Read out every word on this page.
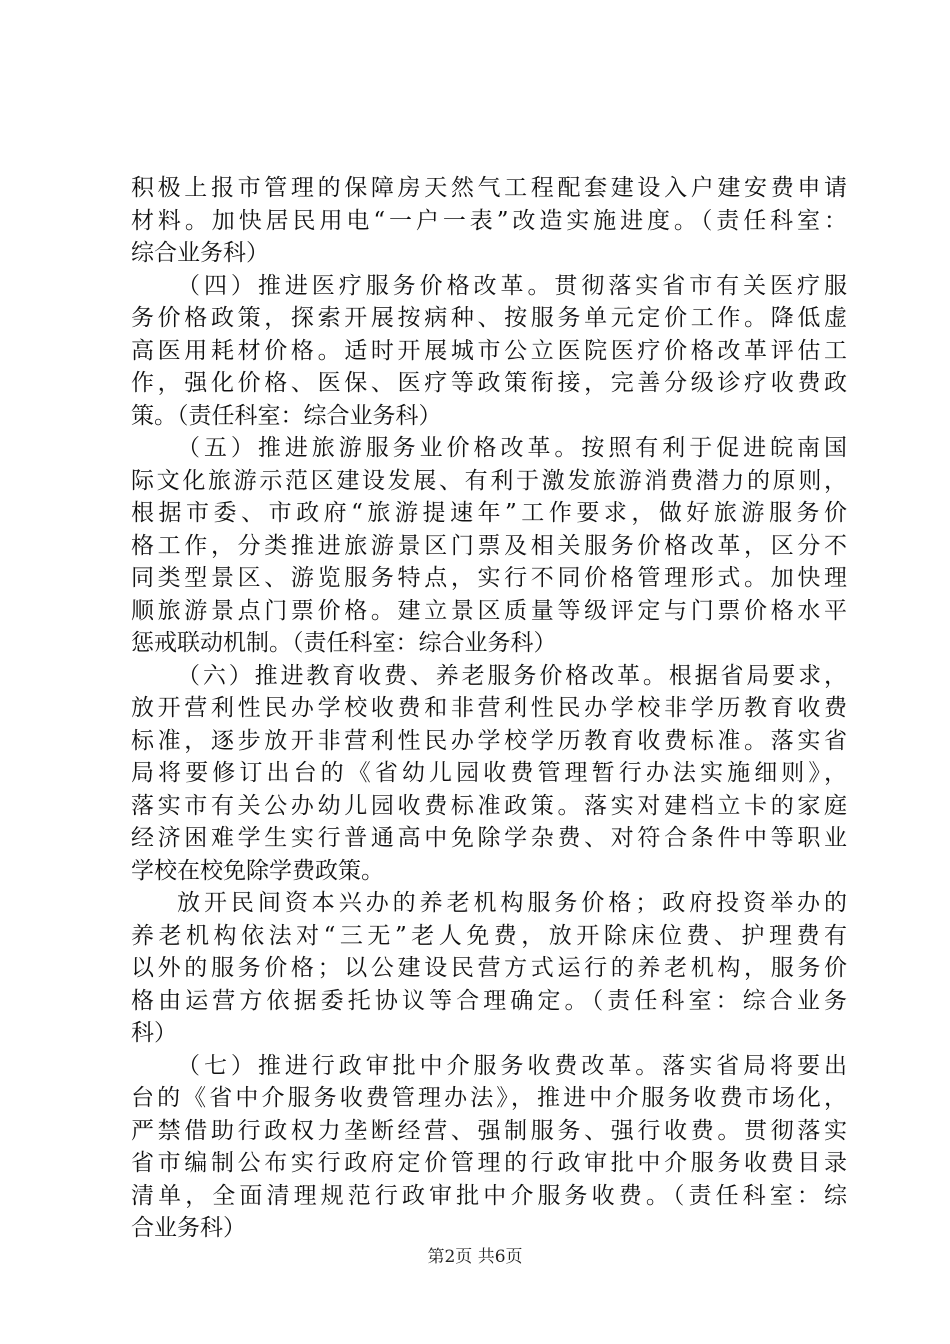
积极上报市管理的保障房天然气工程配套建设入户建安费申请
材料。加快居民用电“一户一表”改造实施进度。（责任科室：
综合业务科）
（四）推进医疗服务价格改革。贯彻落实省市有关医疗服
务价格政策，探索开展按病种、按服务单元定价工作。降低虚
高医用耗材价格。适时开展城市公立医院医疗价格改革评估工
作，强化价格、医保、医疗等政策衔接，完善分级诊疗收费政
策。（责任科室：综合业务科）
（五）推进旅游服务业价格改革。按照有利于促进皖南国
际文化旅游示范区建设发展、有利于激发旅游消费潜力的原则，
根据市委、市政府“旅游提速年”工作要求，做好旅游服务价
格工作，分类推进旅游景区门票及相关服务价格改革，区分不
同类型景区、游览服务特点，实行不同价格管理形式。加快理
顺旅游景点门票价格。建立景区质量等级评定与门票价格水平
惩戒联动机制。（责任科室：综合业务科）
（六）推进教育收费、养老服务价格改革。根据省局要求，
放开营利性民办学校收费和非营利性民办学校非学历教育收费
标准，逐步放开非营利性民办学校学历教育收费标准。落实省
局将要修订出台的《省幼儿园收费管理暂行办法实施细则》，
落实市有关公办幼儿园收费标准政策。落实对建档立卡的家庭
经济困难学生实行普通高中免除学杂费、对符合条件中等职业
学校在校免除学费政策。
放开民间资本兴办的养老机构服务价格；政府投资举办的
养老机构依法对“三无”老人免费，放开除床位费、护理费有
以外的服务价格；以公建设民营方式运行的养老机构，服务价
格由运营方依据委托协议等合理确定。（责任科室：综合业务
科）
（七）推进行政审批中介服务收费改革。落实省局将要出
台的《省中介服务收费管理办法》，推进中介服务收费市场化，
严禁借助行政权力垄断经营、强制服务、强行收费。贯彻落实
省市编制公布实行政府定价管理的行政审批中介服务收费目录
清单，全面清理规范行政审批中介服务收费。（责任科室：综
合业务科）
第2页 共6页
